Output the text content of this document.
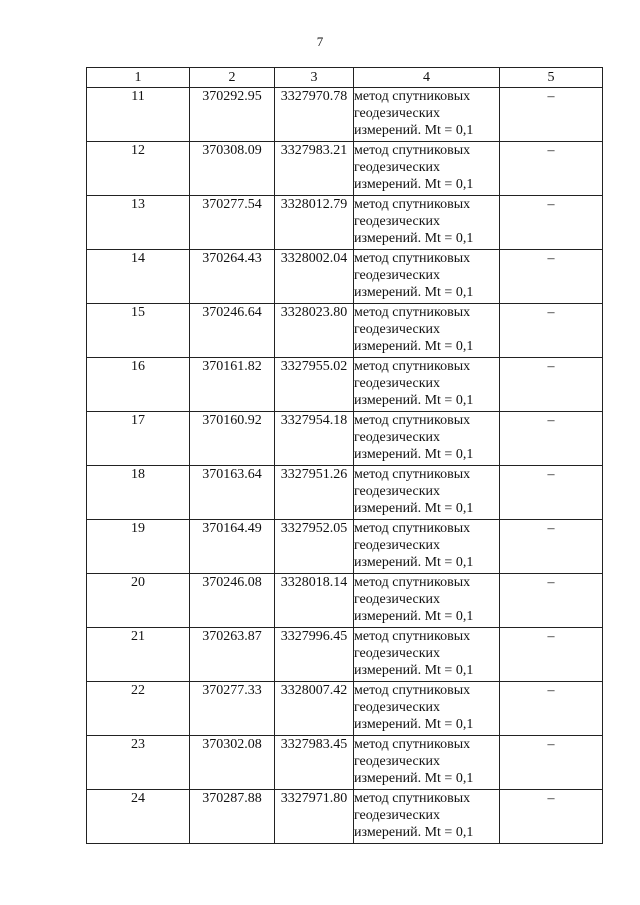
7
1	2	3	4	5
11	370292.95	3327970.78	метод спутниковых геодезических измерений. Mt = 0,1	–
12	370308.09	3327983.21	метод спутниковых геодезических измерений. Mt = 0,1	–
13	370277.54	3328012.79	метод спутниковых геодезических измерений. Mt = 0,1	–
14	370264.43	3328002.04	метод спутниковых геодезических измерений. Mt = 0,1	–
15	370246.64	3328023.80	метод спутниковых геодезических измерений. Mt = 0,1	–
16	370161.82	3327955.02	метод спутниковых геодезических измерений. Mt = 0,1	–
17	370160.92	3327954.18	метод спутниковых геодезических измерений. Mt = 0,1	–
18	370163.64	3327951.26	метод спутниковых геодезических измерений. Mt = 0,1	–
19	370164.49	3327952.05	метод спутниковых геодезических измерений. Mt = 0,1	–
20	370246.08	3328018.14	метод спутниковых геодезических измерений. Mt = 0,1	–
21	370263.87	3327996.45	метод спутниковых геодезических измерений. Mt = 0,1	–
22	370277.33	3328007.42	метод спутниковых геодезических измерений. Mt = 0,1	–
23	370302.08	3327983.45	метод спутниковых геодезических измерений. Mt = 0,1	–
24	370287.88	3327971.80	метод спутниковых геодезических измерений. Mt = 0,1	–
